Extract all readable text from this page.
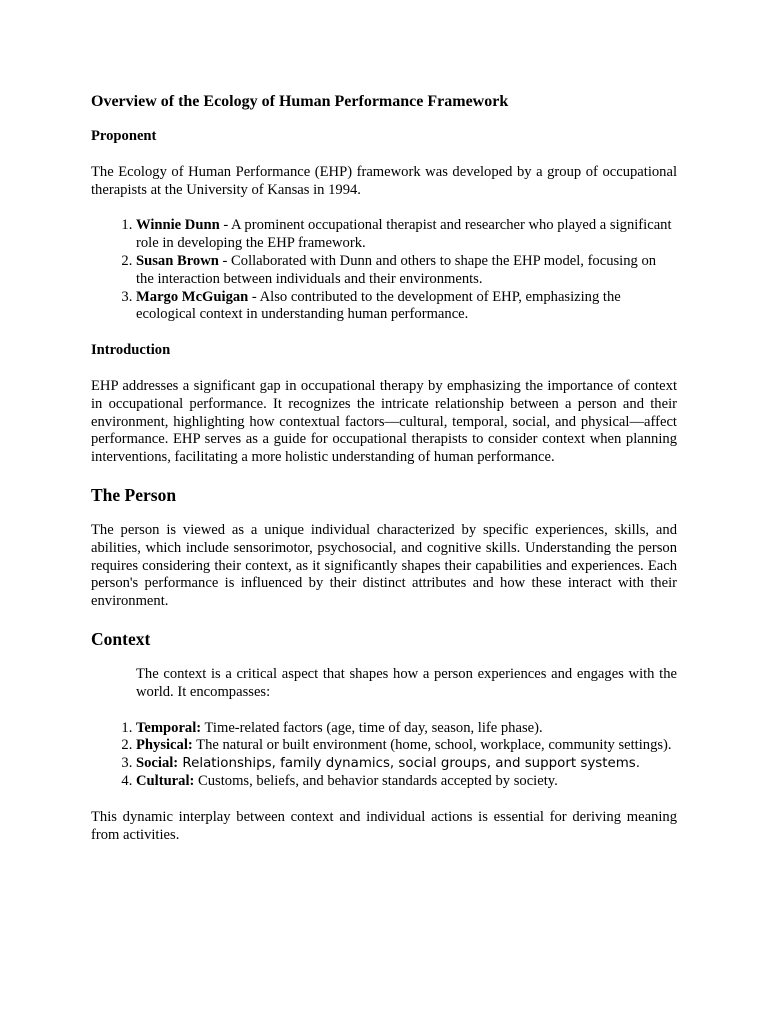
Overview of the Ecology of Human Performance Framework

Proponent

The Ecology of Human Performance (EHP) framework was developed by a group of occupational therapists at the University of Kansas in 1994.

1. Winnie Dunn - A prominent occupational therapist and researcher who played a significant role in developing the EHP framework.
2. Susan Brown - Collaborated with Dunn and others to shape the EHP model, focusing on the interaction between individuals and their environments.
3. Margo McGuigan - Also contributed to the development of EHP, emphasizing the ecological context in understanding human performance.

Introduction

EHP addresses a significant gap in occupational therapy by emphasizing the importance of context in occupational performance. It recognizes the intricate relationship between a person and their environment, highlighting how contextual factors—cultural, temporal, social, and physical—affect performance. EHP serves as a guide for occupational therapists to consider context when planning interventions, facilitating a more holistic understanding of human performance.

The Person

The person is viewed as a unique individual characterized by specific experiences, skills, and abilities, which include sensorimotor, psychosocial, and cognitive skills. Understanding the person requires considering their context, as it significantly shapes their capabilities and experiences. Each person's performance is influenced by their distinct attributes and how these interact with their environment.

Context

The context is a critical aspect that shapes how a person experiences and engages with the world. It encompasses:

1. Temporal: Time-related factors (age, time of day, season, life phase).
2. Physical: The natural or built environment (home, school, workplace, community settings).
3. Social: Relationships, family dynamics, social groups, and support systems.
4. Cultural: Customs, beliefs, and behavior standards accepted by society.

This dynamic interplay between context and individual actions is essential for deriving meaning from activities.
